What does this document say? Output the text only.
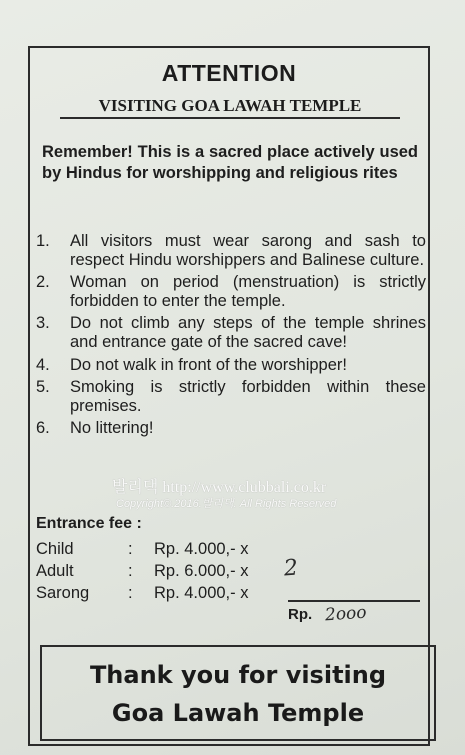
ATTENTION
VISITING GOA LAWAH TEMPLE
Remember! This is a sacred place actively used by Hindus for worshipping and religious rites
1.	All visitors must wear sarong and sash to respect Hindu worshippers and Balinese culture.
2.	Woman on period (menstruation) is strictly forbidden to enter the temple.
3.	Do not climb any steps of the temple shrines and entrance gate of the sacred cave!
4.	Do not walk in front of the worshipper!
5.	Smoking is strictly forbidden within these premises.
6.	No littering!
발리댁 http://www.clubbali.co.kr
Copyright©.2016.발리댁. All Rights Reserved
Entrance fee :
Child	:	Rp. 4.000,- x
Adult	:	Rp. 6.000,- x
Sarong	:	Rp. 4.000,- x
2
Rp. 2ooo
Thank you for visiting
Goa Lawah Temple
